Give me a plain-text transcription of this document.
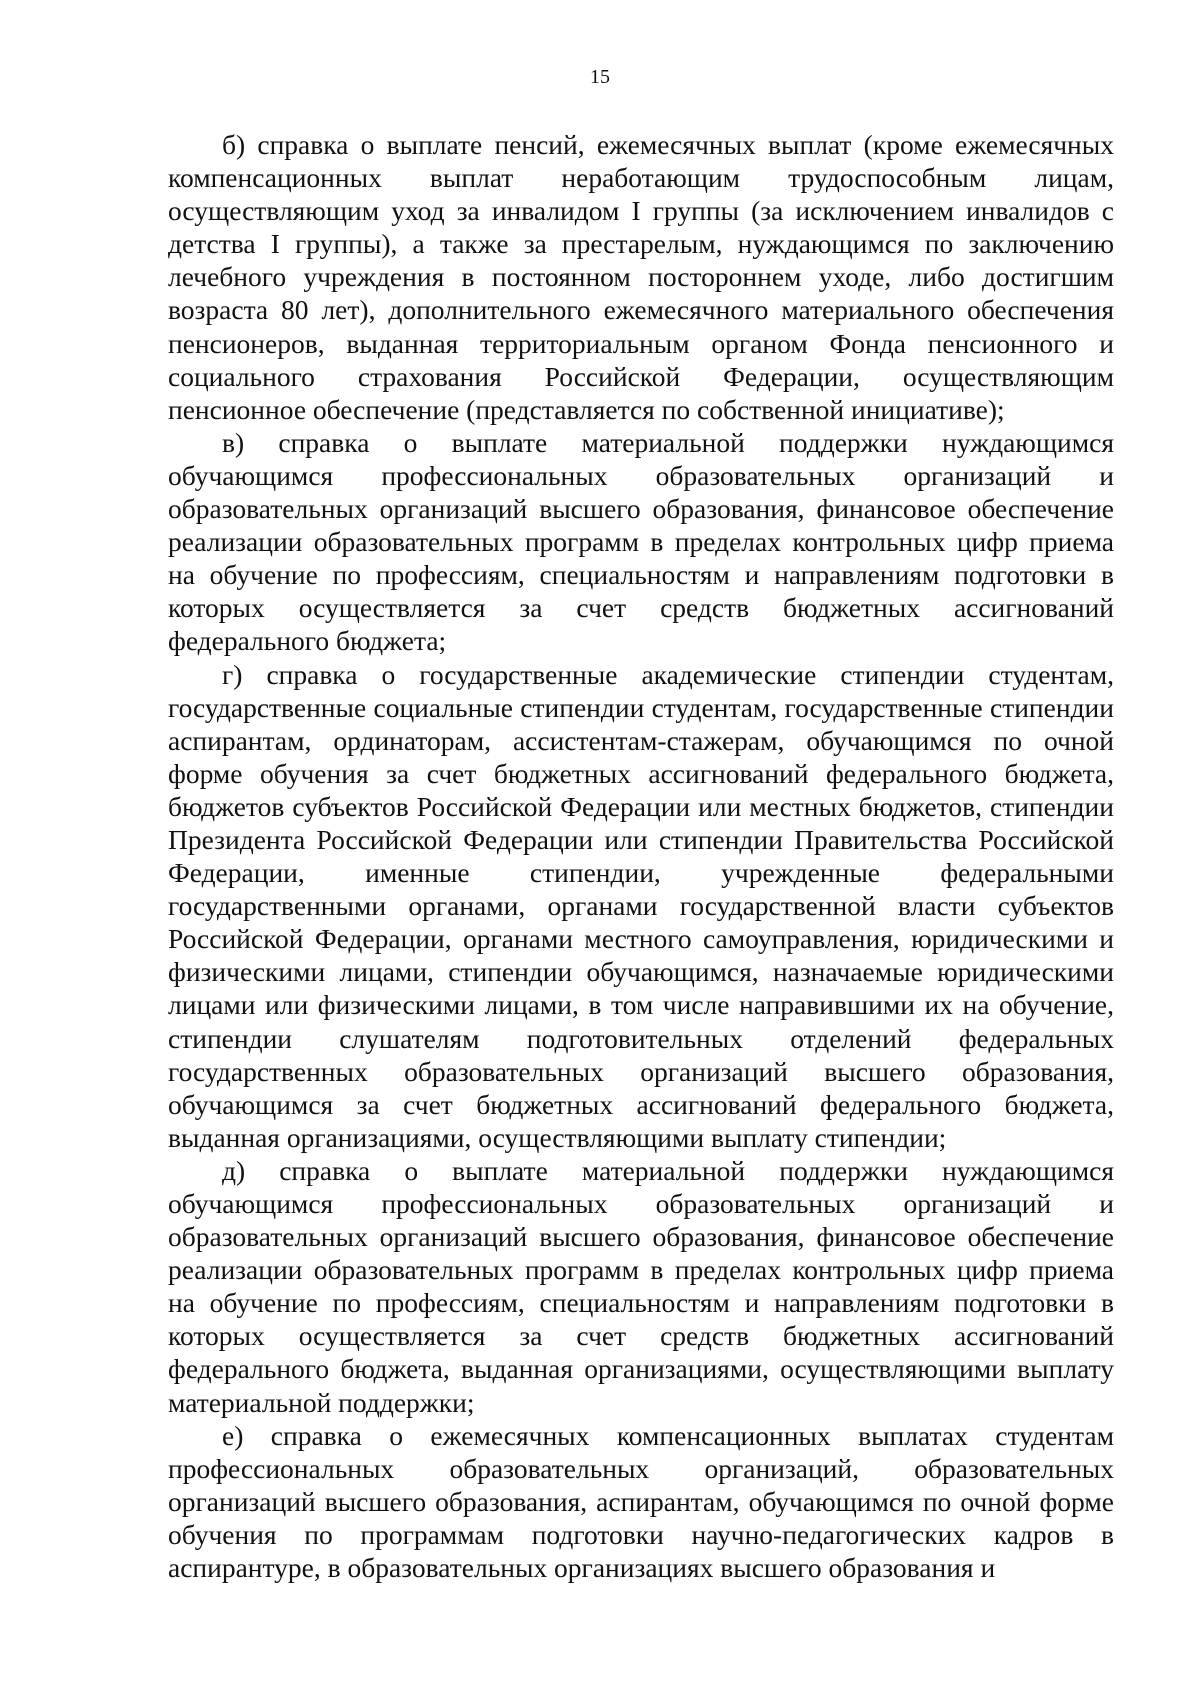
15

б) справка о выплате пенсий, ежемесячных выплат (кроме ежемесячных компенсационных выплат неработающим трудоспособным лицам, осуществляющим уход за инвалидом I группы (за исключением инвалидов с детства I группы), а также за престарелым, нуждающимся по заключению лечебного учреждения в постоянном постороннем уходе, либо достигшим возраста 80 лет), дополнительного ежемесячного материального обеспечения пенсионеров, выданная территориальным органом Фонда пенсионного и социального страхования Российской Федерации, осуществляющим пенсионное обеспечение (представляется по собственной инициативе);

в) справка о выплате материальной поддержки нуждающимся обучающимся профессиональных образовательных организаций и образовательных организаций высшего образования, финансовое обеспечение реализации образовательных программ в пределах контрольных цифр приема на обучение по профессиям, специальностям и направлениям подготовки в которых осуществляется за счет средств бюджетных ассигнований федерального бюджета;

г) справка о государственные академические стипендии студентам, государственные социальные стипендии студентам, государственные стипендии аспирантам, ординаторам, ассистентам-стажерам, обучающимся по очной форме обучения за счет бюджетных ассигнований федерального бюджета, бюджетов субъектов Российской Федерации или местных бюджетов, стипендии Президента Российской Федерации или стипендии Правительства Российской Федерации, именные стипендии, учрежденные федеральными государственными органами, органами государственной власти субъектов Российской Федерации, органами местного самоуправления, юридическими и физическими лицами, стипендии обучающимся, назначаемые юридическими лицами или физическими лицами, в том числе направившими их на обучение, стипендии слушателям подготовительных отделений федеральных государственных образовательных организаций высшего образования, обучающимся за счет бюджетных ассигнований федерального бюджета, выданная организациями, осуществляющими выплату стипендии;

д) справка о выплате материальной поддержки нуждающимся обучающимся профессиональных образовательных организаций и образовательных организаций высшего образования, финансовое обеспечение реализации образовательных программ в пределах контрольных цифр приема на обучение по профессиям, специальностям и направлениям подготовки в которых осуществляется за счет средств бюджетных ассигнований федерального бюджета, выданная организациями, осуществляющими выплату материальной поддержки;

е) справка о ежемесячных компенсационных выплатах студентам профессиональных образовательных организаций, образовательных организаций высшего образования, аспирантам, обучающимся по очной форме обучения по программам подготовки научно-педагогических кадров в аспирантуре, в образовательных организациях высшего образования и
